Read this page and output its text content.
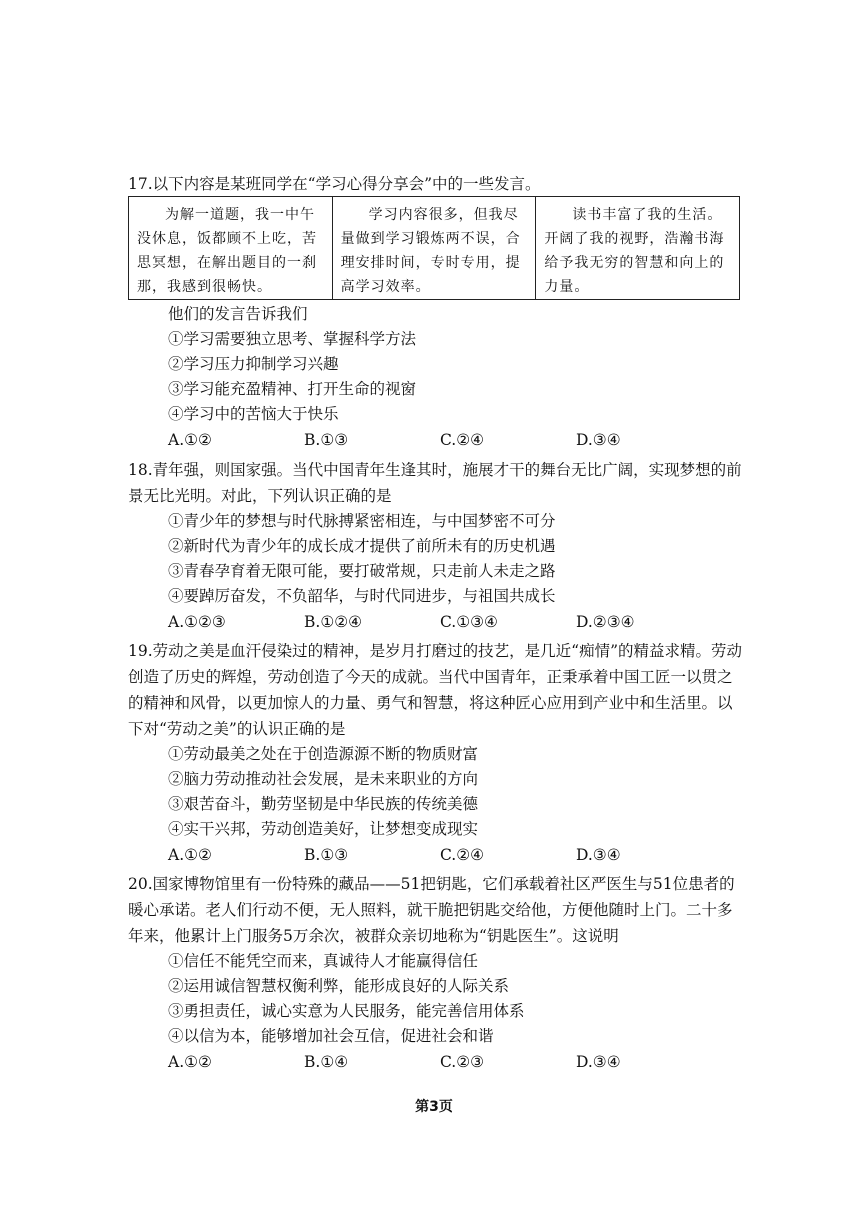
17.以下内容是某班同学在“学习心得分享会”中的一些发言。

为解一道题，我一中午没休息，饭都顾不上吃，苦思冥想，在解出题目的一刹那，我感到很畅快。
学习内容很多，但我尽量做到学习锻炼两不误，合理安排时间，专时专用，提高学习效率。
读书丰富了我的生活。开阔了我的视野，浩瀚书海给予我无穷的智慧和向上的力量。

他们的发言告诉我们

①学习需要独立思考、掌握科学方法

②学习压力抑制学习兴趣

③学习能充盈精神、打开生命的视窗

④学习中的苦恼大于快乐

A.①②	B.①③	C.②④	D.③④

18.青年强，则国家强。当代中国青年生逢其时，施展才干的舞台无比广阔，实现梦想的前景无比光明。对此，下列认识正确的是

①青少年的梦想与时代脉搏紧密相连，与中国梦密不可分

②新时代为青少年的成长成才提供了前所未有的历史机遇

③青春孕育着无限可能，要打破常规，只走前人未走之路

④要踔厉奋发，不负韶华，与时代同进步，与祖国共成长

A.①②③	B.①②④	C.①③④	D.②③④

19.劳动之美是血汗侵染过的精神，是岁月打磨过的技艺，是几近“痴情”的精益求精。劳动创造了历史的辉煌，劳动创造了今天的成就。当代中国青年，正秉承着中国工匠一以贯之的精神和风骨，以更加惊人的力量、勇气和智慧，将这种匠心应用到产业中和生活里。以下对“劳动之美”的认识正确的是

①劳动最美之处在于创造源源不断的物质财富

②脑力劳动推动社会发展，是未来职业的方向

③艰苦奋斗，勤劳坚韧是中华民族的传统美德

④实干兴邦，劳动创造美好，让梦想变成现实

A.①②	B.①③	C.②④	D.③④

20.国家博物馆里有一份特殊的藏品——51把钥匙，它们承载着社区严医生与51位患者的暖心承诺。老人们行动不便，无人照料，就干脆把钥匙交给他，方便他随时上门。二十多年来，他累计上门服务5万余次，被群众亲切地称为“钥匙医生”。这说明

①信任不能凭空而来，真诚待人才能赢得信任

②运用诚信智慧权衡利弊，能形成良好的人际关系

③勇担责任，诚心实意为人民服务，能完善信用体系

④以信为本，能够增加社会互信，促进社会和谐

A.①②	B.①④	C.②③	D.③④
第3页
